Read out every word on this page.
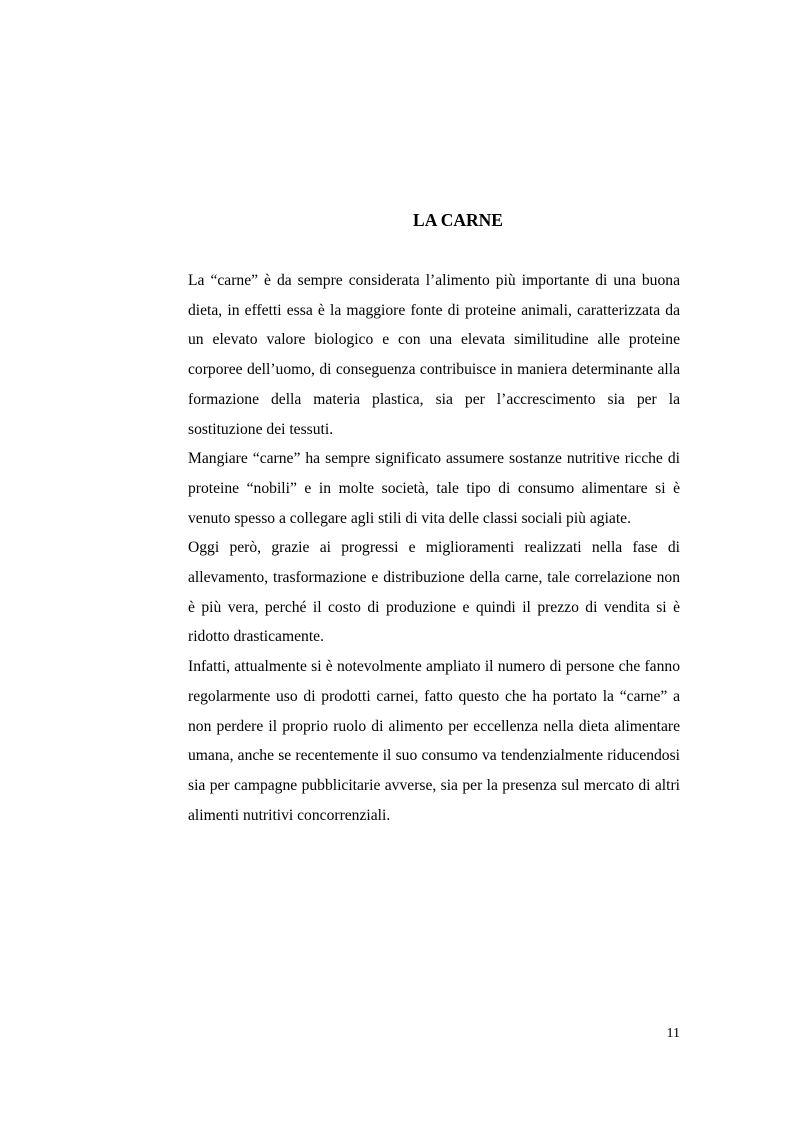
LA CARNE

La “carne” è da sempre considerata l’alimento più importante di una buona dieta, in effetti essa è la maggiore fonte di proteine animali, caratterizzata da un elevato valore biologico e con una elevata similitudine alle proteine corporee dell’uomo, di conseguenza contribuisce in maniera determinante alla formazione della materia plastica, sia per l’accrescimento sia per la sostituzione dei tessuti.

Mangiare “carne” ha sempre significato assumere sostanze nutritive ricche di proteine “nobili” e in molte società, tale tipo di consumo alimentare si è venuto spesso a collegare agli stili di vita delle classi sociali più agiate.

Oggi però, grazie ai progressi e miglioramenti realizzati nella fase di allevamento, trasformazione e distribuzione della carne, tale correlazione non è più vera, perché il costo di produzione e quindi il prezzo di vendita si è ridotto drasticamente.

Infatti, attualmente si è notevolmente ampliato il numero di persone che fanno regolarmente uso di prodotti carnei, fatto questo che ha portato la “carne” a non perdere il proprio ruolo di alimento per eccellenza nella dieta alimentare umana, anche se recentemente il suo consumo va tendenzialmente riducendosi sia per campagne pubblicitarie avverse, sia per la presenza sul mercato di altri alimenti nutritivi concorrenziali.

11
